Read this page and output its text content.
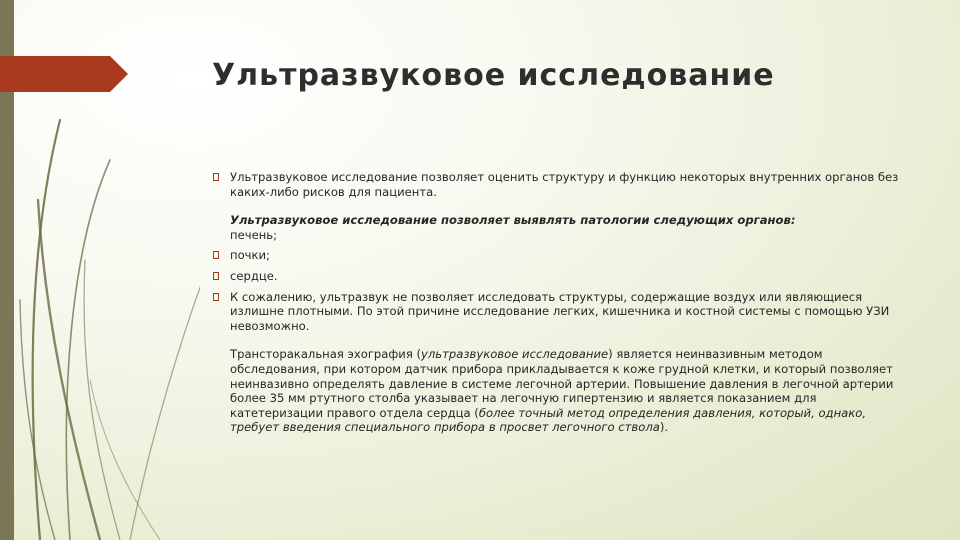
Ультразвуковое исследование

Ультразвуковое исследование позволяет оценить структуру и функцию некоторых внутренних органов без каких-либо рисков для пациента.

Ультразвуковое исследование позволяет выявлять патологии следующих органов:

печень;

почки;

сердце.

К сожалению, ультразвук не позволяет исследовать структуры, содержащие воздух или являющиеся излишне плотными. По этой причине исследование легких, кишечника и костной системы с помощью УЗИ невозможно.

Трансторакальная эхография (ультразвуковое исследование) является неинвазивным методом обследования, при котором датчик прибора прикладывается к коже грудной клетки, и который позволяет неинвазивно определять давление в системе легочной артерии. Повышение давления в легочной артерии более 35 мм ртутного столба указывает на легочную гипертензию и является показанием для катетеризации правого отдела сердца (более точный метод определения давления, который, однако, требует введения специального прибора в просвет легочного ствола).
